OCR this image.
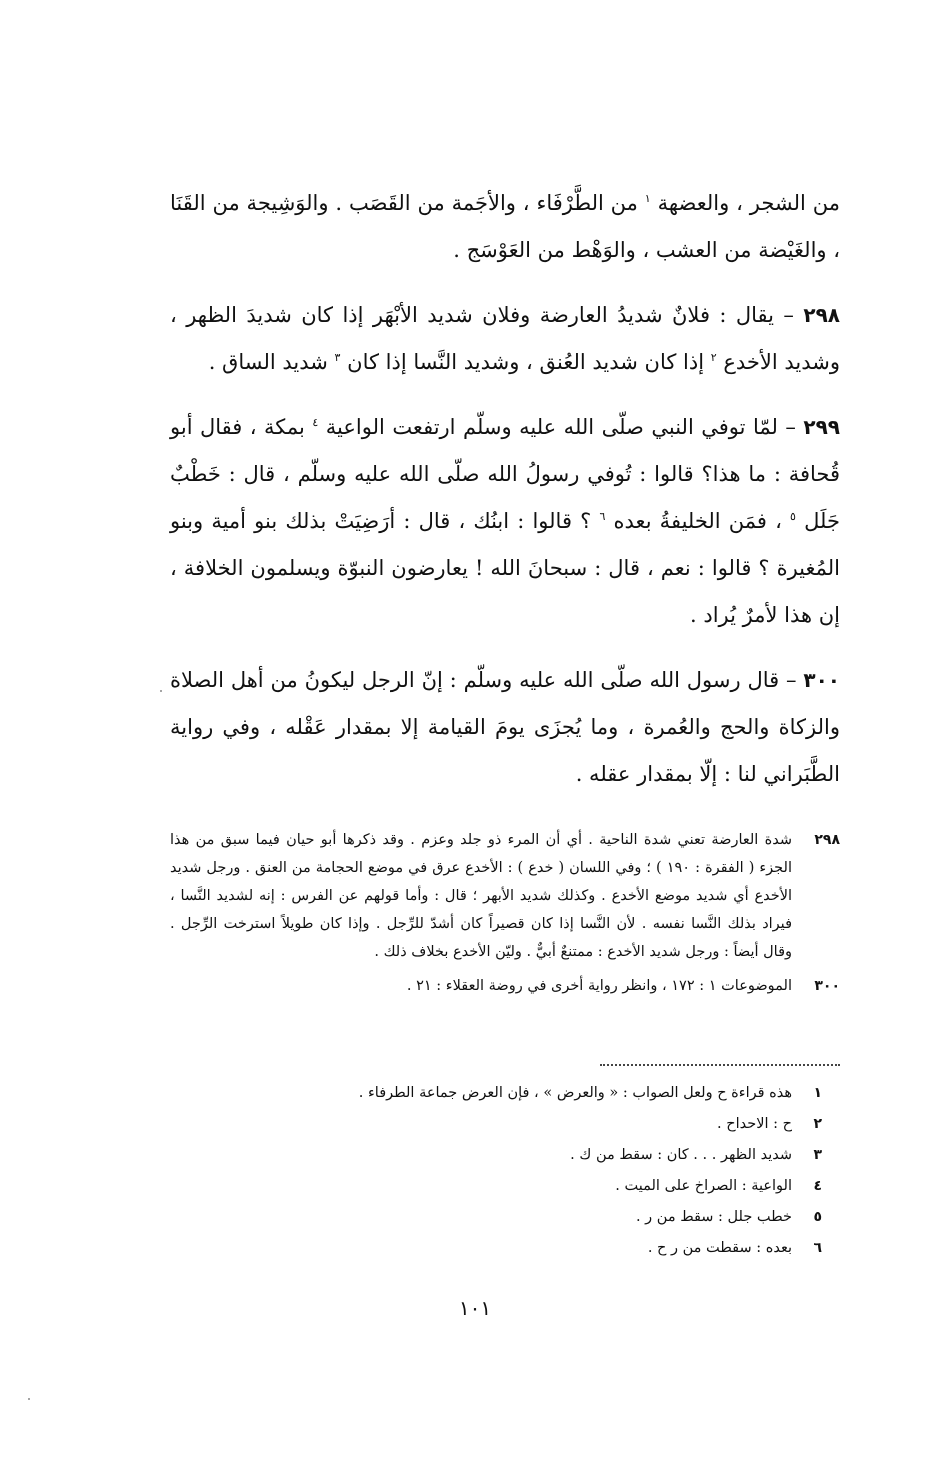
من الشجر ، والعضهة $^١$ من الطَّرْفَاء ، والأجَمة من القَصَب . والوَشِيجة من القَنَا ، والغَيْضة من العشب ، والوَهْط من العَوْسَج .

٢٩٨ – يقال : فلانٌ شديدُ العارضة وفلان شديد الأبْهَر إذا كان شديدَ الظهر ، وشديد الأخدع $^٢$ إذا كان شديد العُنق ، وشديد النَّسا إذا كان $^٣$ شديد الساق .

٢٩٩ – لمّا توفي النبي صلّى الله عليه وسلّم ارتفعت الواعية $^٤$ بمكة ، فقال أبو قُحافة : ما هذا؟ قالوا : تُوفي رسولُ الله صلّى الله عليه وسلّم ، قال : خَطْبٌ جَلَل $^٥$ ، فمَن الخليفةُ بعده $^٦$ ؟ قالوا : ابنُك ، قال : أرَضِيَتْ بذلك بنو أمية وبنو المُغيرة ؟ قالوا : نعم ، قال : سبحانَ الله ! يعارضون النبوّة ويسلمون الخلافة ، إن هذا لأمرٌ يُراد .

٣٠٠ – قال رسول الله صلّى الله عليه وسلّم : إنّ الرجل ليكونُ من أهل الصلاة والزكاة والحج والعُمرة ، وما يُجزَى يومَ القيامة إلا بمقدار عَقْله ، وفي رواية الطَّبَراني لنا : إلّا بمقدار عقله .

٢٩٨
شدة العارضة تعني شدة الناحية . أي أن المرء ذو جلد وعزم . وقد ذكرها أبو حيان فيما سبق من هذا الجزء ( الفقرة : ١٩٠ ) ؛ وفي اللسان ( خدع ) : الأخدع عرق في موضع الحجامة من العنق . ورجل شديد الأخدع أي شديد موضع الأخدع . وكذلك شديد الأبهر ؛ قال : وأما قولهم عن الفرس : إنه لشديد النَّسا ، فيراد بذلك النَّسا نفسه . لأن النَّسا إذا كان قصيراً كان أشدّ للرِّجل . وإذا كان طويلاً استرخت الرِّجل . وقال أيضاً : ورجل شديد الأخدع : ممتنعٌ أبيٌّ . وليّن الأخدع بخلاف ذلك .
٣٠٠
الموضوعات ١ : ١٧٢ ، وانظر رواية أخرى في روضة العقلاء : ٢١ .
١
هذه قراءة ح ولعل الصواب : « والعرض » ، فإن العرض جماعة الطرفاء .
٢
ح : الاحداح .
٣
شديد الظهر . . . كان : سقط من ك .
٤
الواعية : الصراخ على الميت .
٥
خطب جلل : سقط من ر .
٦
بعده : سقطت من ر ح .
١٠١
